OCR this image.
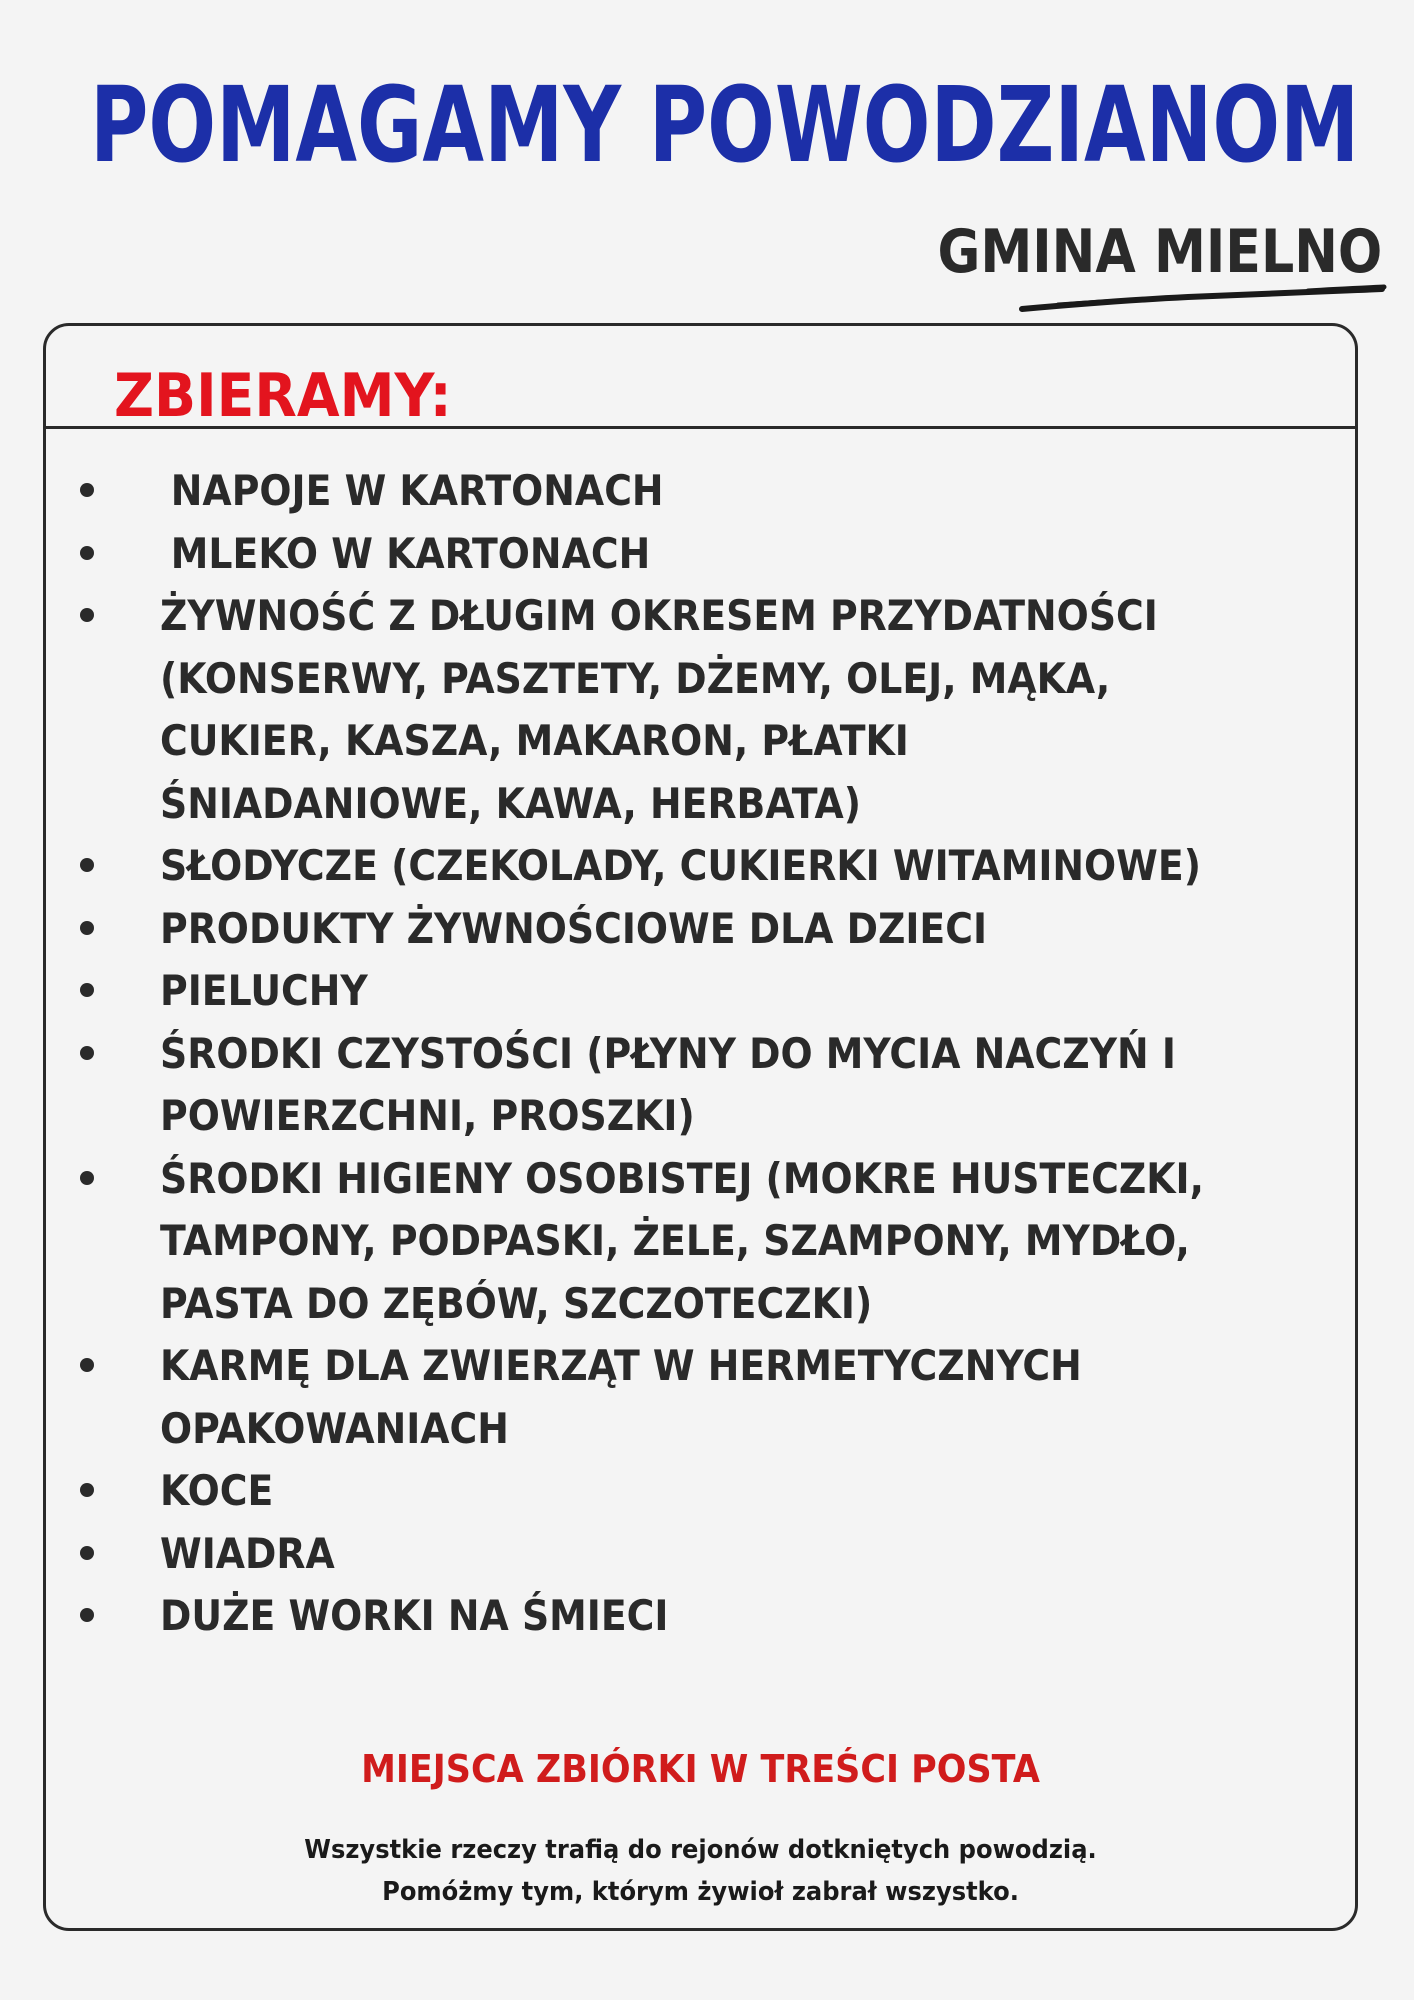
POMAGAMY POWODZIANOM
GMINA MIELNO
ZBIERAMY:
NAPOJE W KARTONACH
MLEKO W KARTONACH
ŻYWNOŚĆ Z DŁUGIM OKRESEM PRZYDATNOŚCI (KONSERWY, PASZTETY, DŻEMY, OLEJ, MĄKA, CUKIER, KASZA, MAKARON, PŁATKI ŚNIADANIOWE, KAWA, HERBATA)
SŁODYCZE (CZEKOLADY, CUKIERKI WITAMINOWE)
PRODUKTY ŻYWNOŚCIOWE DLA DZIECI
PIELUCHY
ŚRODKI CZYSTOŚCI (PŁYNY DO MYCIA NACZYŃ I POWIERZCHNI, PROSZKI)
ŚRODKI HIGIENY OSOBISTEJ (MOKRE HUSTECZKI, TAMPONY, PODPASKI, ŻELE, SZAMPONY, MYDŁO, PASTA DO ZĘBÓW, SZCZOTECZKI)
KARMĘ DLA ZWIERZĄT W HERMETYCZNYCH OPAKOWANIACH
KOCE
WIADRA
DUŻE WORKI NA ŚMIECI
MIEJSCA ZBIÓRKI W TREŚCI POSTA
Wszystkie rzeczy trafią do rejonów dotkniętych powodzią.
Pomóżmy tym, którym żywioł zabrał wszystko.
